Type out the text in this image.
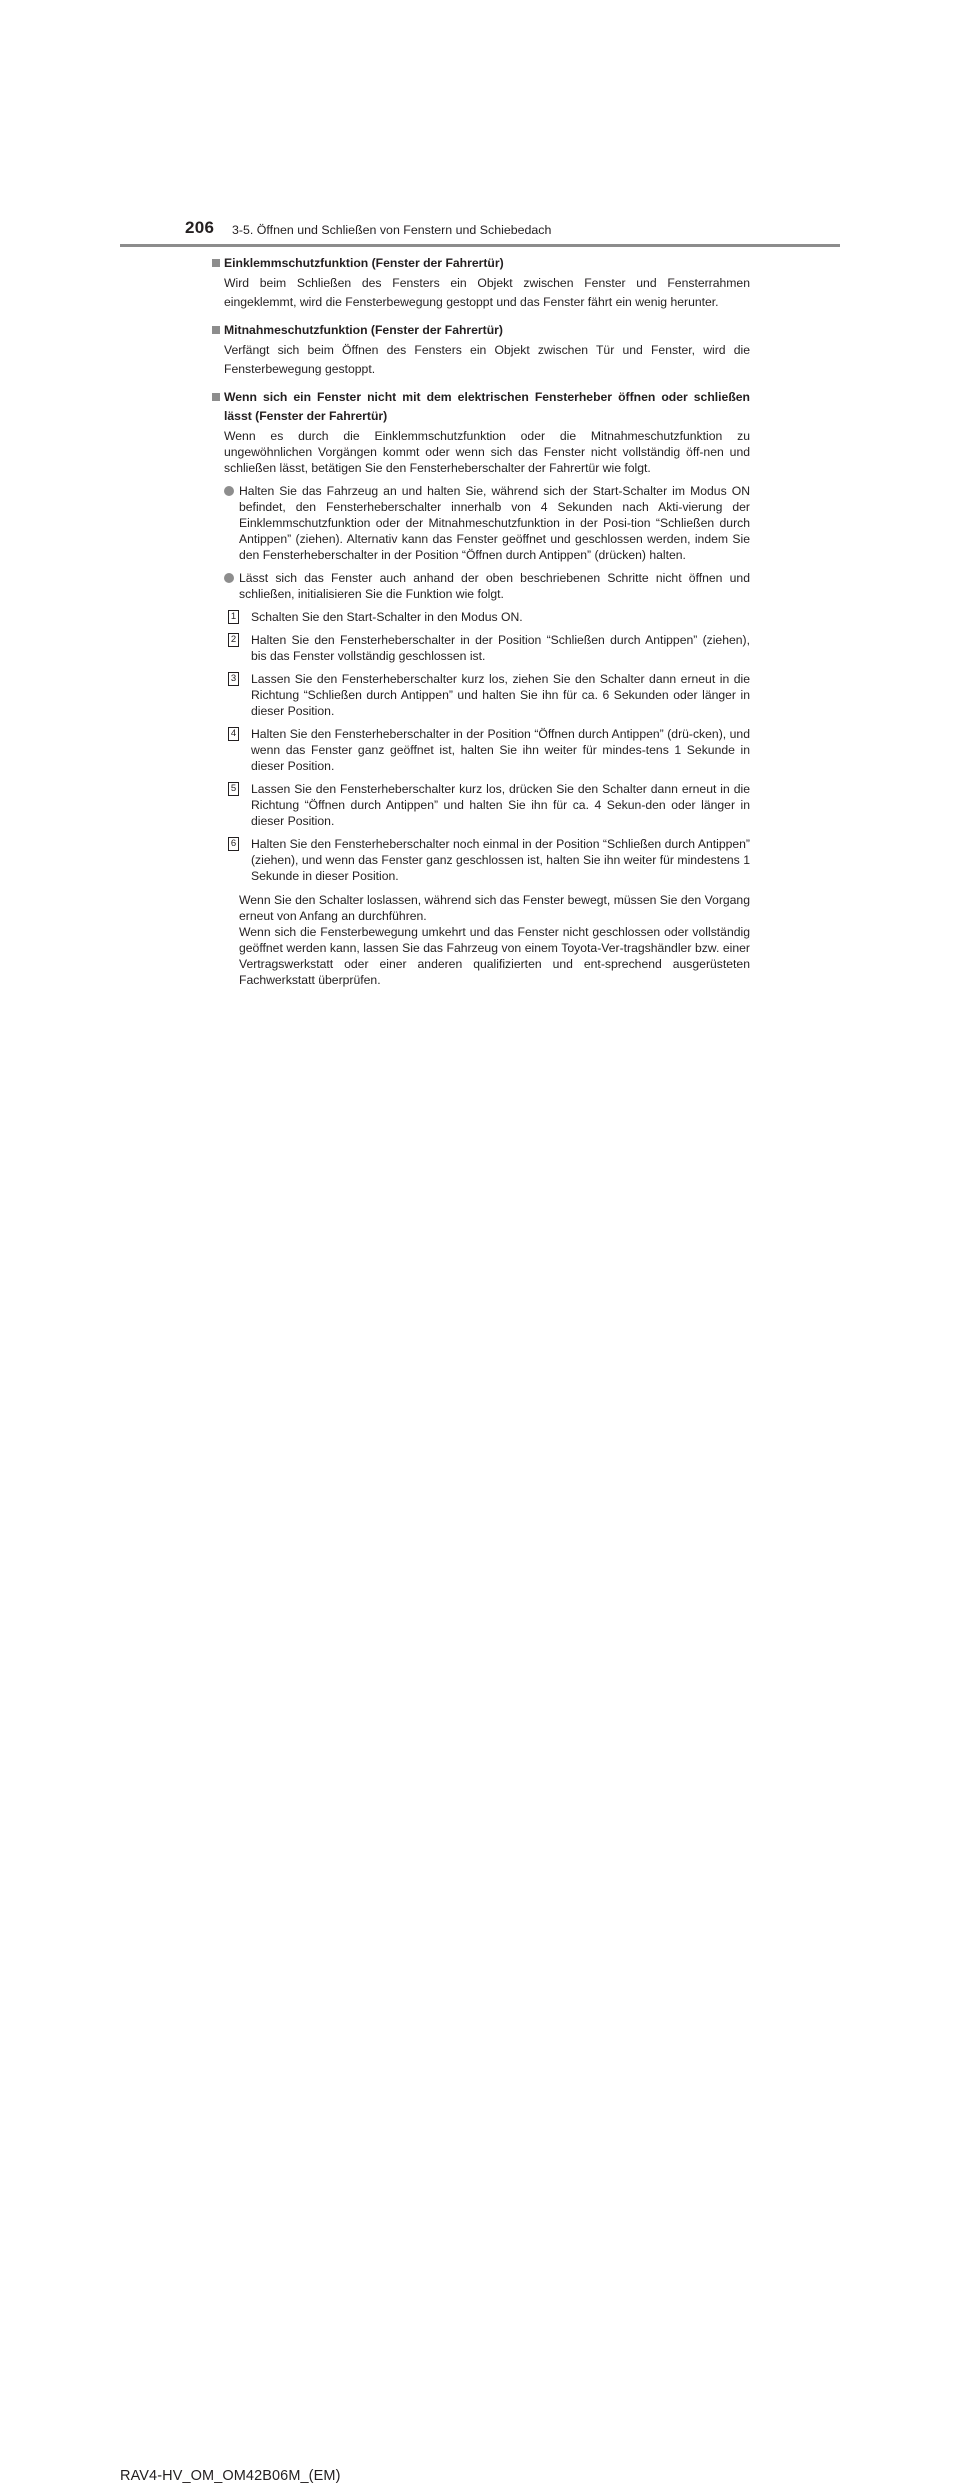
206 3-5. Öffnen und Schließen von Fenstern und Schiebedach
Einklemmschutzfunktion (Fenster der Fahrertür)
Wird beim Schließen des Fensters ein Objekt zwischen Fenster und Fensterrahmen eingeklemmt, wird die Fensterbewegung gestoppt und das Fenster fährt ein wenig herunter.
Mitnahmeschutzfunktion (Fenster der Fahrertür)
Verfängt sich beim Öffnen des Fensters ein Objekt zwischen Tür und Fenster, wird die Fensterbewegung gestoppt.
Wenn sich ein Fenster nicht mit dem elektrischen Fensterheber öffnen oder schließen lässt (Fenster der Fahrertür)
Wenn es durch die Einklemmschutzfunktion oder die Mitnahmeschutzfunktion zu ungewöhnlichen Vorgängen kommt oder wenn sich das Fenster nicht vollständig öff-nen und schließen lässt, betätigen Sie den Fensterheberschalter der Fahrertür wie folgt.
Halten Sie das Fahrzeug an und halten Sie, während sich der Start-Schalter im Modus ON befindet, den Fensterheberschalter innerhalb von 4 Sekunden nach Akti-vierung der Einklemmschutzfunktion oder der Mitnahmeschutzfunktion in der Posi-tion “Schließen durch Antippen” (ziehen). Alternativ kann das Fenster geöffnet und geschlossen werden, indem Sie den Fensterheberschalter in der Position “Öffnen durch Antippen” (drücken) halten.
Lässt sich das Fenster auch anhand der oben beschriebenen Schritte nicht öffnen und schließen, initialisieren Sie die Funktion wie folgt.
1 Schalten Sie den Start-Schalter in den Modus ON.
2 Halten Sie den Fensterheberschalter in der Position “Schließen durch Antippen” (ziehen), bis das Fenster vollständig geschlossen ist.
3 Lassen Sie den Fensterheberschalter kurz los, ziehen Sie den Schalter dann erneut in die Richtung “Schließen durch Antippen” und halten Sie ihn für ca. 6 Sekunden oder länger in dieser Position.
4 Halten Sie den Fensterheberschalter in der Position “Öffnen durch Antippen” (drü-cken), und wenn das Fenster ganz geöffnet ist, halten Sie ihn weiter für mindes-tens 1 Sekunde in dieser Position.
5 Lassen Sie den Fensterheberschalter kurz los, drücken Sie den Schalter dann erneut in die Richtung “Öffnen durch Antippen” und halten Sie ihn für ca. 4 Sekun-den oder länger in dieser Position.
6 Halten Sie den Fensterheberschalter noch einmal in der Position “Schließen durch Antippen” (ziehen), und wenn das Fenster ganz geschlossen ist, halten Sie ihn weiter für mindestens 1 Sekunde in dieser Position.
Wenn Sie den Schalter loslassen, während sich das Fenster bewegt, müssen Sie den Vorgang erneut von Anfang an durchführen.
Wenn sich die Fensterbewegung umkehrt und das Fenster nicht geschlossen oder vollständig geöffnet werden kann, lassen Sie das Fahrzeug von einem Toyota-Ver-tragshändler bzw. einer Vertragswerkstatt oder einer anderen qualifizierten und ent-sprechend ausgerüsteten Fachwerkstatt überprüfen.
RAV4-HV_OM_OM42B06M_(EM)
